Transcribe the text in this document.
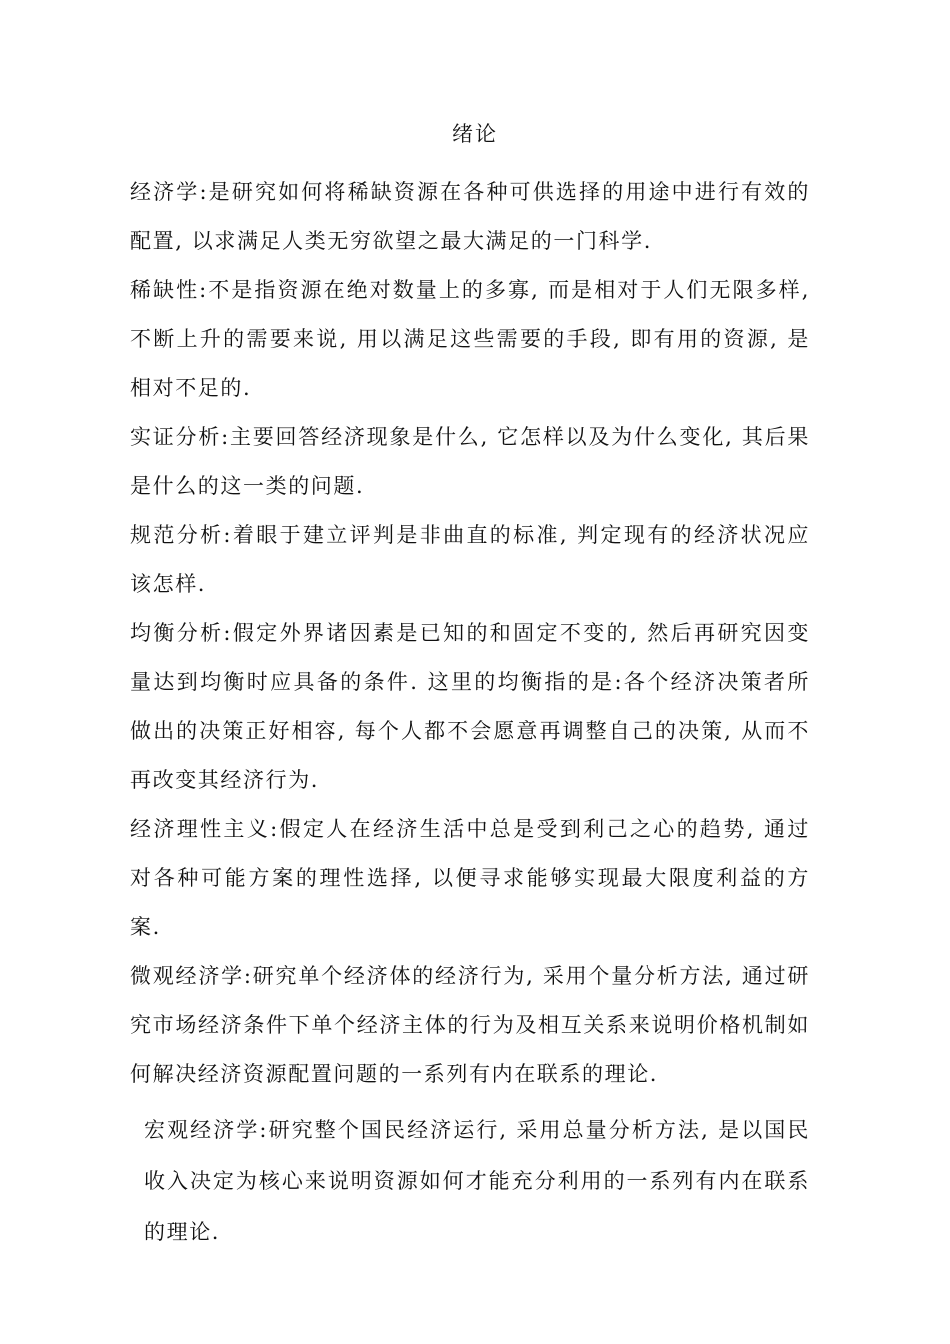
绪论

经济学:是研究如何将稀缺资源在各种可供选择的用途中进行有效的配置, 以求满足人类无穷欲望之最大满足的一门科学.

稀缺性:不是指资源在绝对数量上的多寡, 而是相对于人们无限多样, 不断上升的需要来说, 用以满足这些需要的手段, 即有用的资源, 是相对不足的.

实证分析:主要回答经济现象是什么, 它怎样以及为什么变化, 其后果是什么的这一类的问题.

规范分析:着眼于建立评判是非曲直的标准, 判定现有的经济状况应该怎样.

均衡分析:假定外界诸因素是已知的和固定不变的, 然后再研究因变量达到均衡时应具备的条件. 这里的均衡指的是:各个经济决策者所做出的决策正好相容, 每个人都不会愿意再调整自己的决策, 从而不再改变其经济行为.

经济理性主义:假定人在经济生活中总是受到利己之心的趋势, 通过对各种可能方案的理性选择, 以便寻求能够实现最大限度利益的方案.

微观经济学:研究单个经济体的经济行为, 采用个量分析方法, 通过研究市场经济条件下单个经济主体的行为及相互关系来说明价格机制如何解决经济资源配置问题的一系列有内在联系的理论.

宏观经济学:研究整个国民经济运行, 采用总量分析方法, 是以国民收入决定为核心来说明资源如何才能充分利用的一系列有内在联系的理论.
